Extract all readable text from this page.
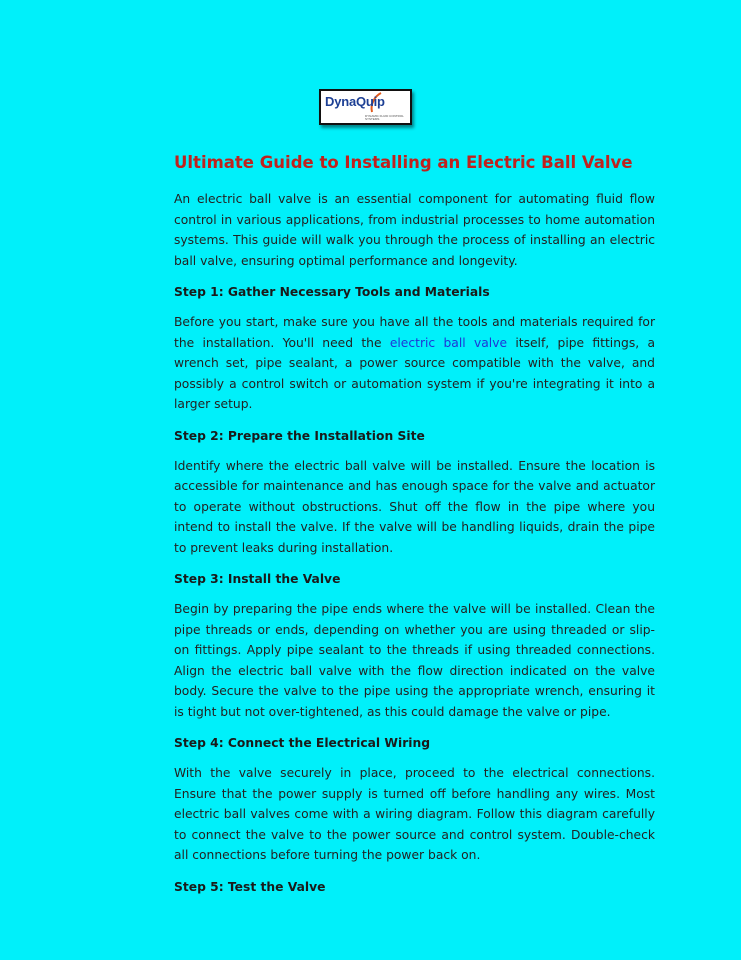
DynaQuip
DYNAMIC FLUID CONTROL SYSTEMS
Ultimate Guide to Installing an Electric Ball Valve

An electric ball valve is an essential component for automating fluid flow control in various applications, from industrial processes to home automation systems. This guide will walk you through the process of installing an electric ball valve, ensuring optimal performance and longevity.

Step 1: Gather Necessary Tools and Materials

Before you start, make sure you have all the tools and materials required for the installation. You'll need the electric ball valve itself, pipe fittings, a wrench set, pipe sealant, a power source compatible with the valve, and possibly a control switch or automation system if you're integrating it into a larger setup.

Step 2: Prepare the Installation Site

Identify where the electric ball valve will be installed. Ensure the location is accessible for maintenance and has enough space for the valve and actuator to operate without obstructions. Shut off the flow in the pipe where you intend to install the valve. If the valve will be handling liquids, drain the pipe to prevent leaks during installation.

Step 3: Install the Valve

Begin by preparing the pipe ends where the valve will be installed. Clean the pipe threads or ends, depending on whether you are using threaded or slip-on fittings. Apply pipe sealant to the threads if using threaded connections. Align the electric ball valve with the flow direction indicated on the valve body. Secure the valve to the pipe using the appropriate wrench, ensuring it is tight but not over-tightened, as this could damage the valve or pipe.

Step 4: Connect the Electrical Wiring

With the valve securely in place, proceed to the electrical connections. Ensure that the power supply is turned off before handling any wires. Most electric ball valves come with a wiring diagram. Follow this diagram carefully to connect the valve to the power source and control system. Double-check all connections before turning the power back on.

Step 5: Test the Valve
